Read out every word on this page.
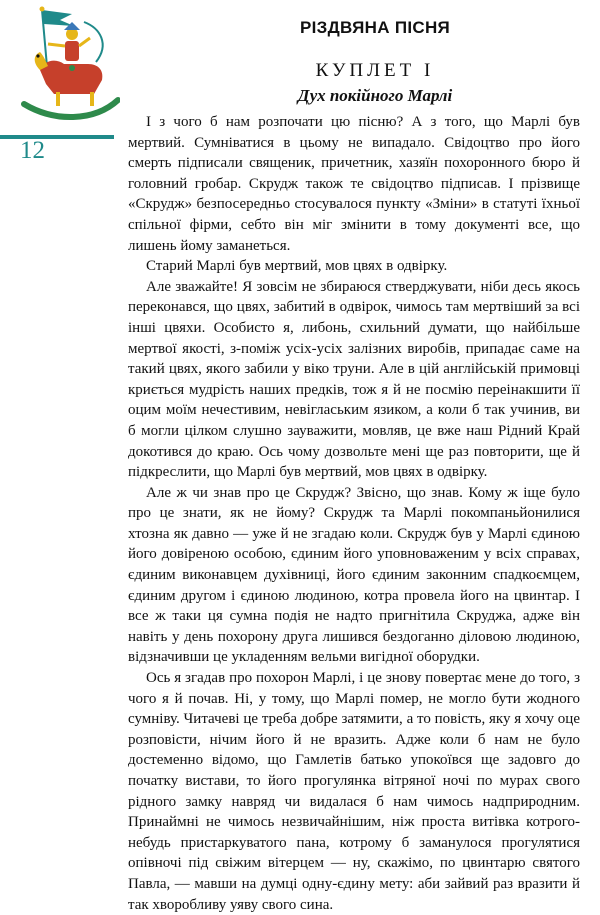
12
РІЗДВЯНА ПІСНЯ
КУПЛЕТ І
Дух покійного Марлі

І з чого б нам розпочати цю пісню? А з того, що Марлі був мертвий. Сумніватися в цьому не випадало. Свідоцтво про його смерть підписали священик, причетник, хазяїн похоронного бюро й головний гробар. Скрудж також те свідоцтво підписав. І прізвище «Скрудж» безпосередньо стосувалося пункту «Зміни» в статуті їхньої спільної фірми, себто він міг змінити в тому документі все, що лишень йому заманеться.

Старий Марлі був мертвий, мов цвях в одвірку.

Але зважайте! Я зовсім не збираюся стверджувати, ніби десь якось переконався, що цвях, забитий в одвірок, чимось там мертвіший за всі інші цвяхи. Особисто я, либонь, схильний думати, що найбільше мертвої якості, з-поміж усіх-усіх залізних виробів, припадає саме на такий цвях, якого забили у віко труни. Але в цій англійській примовці криється мудрість наших предків, тож я й не посмію переінакшити її оцим моїм нечестивим, невіглаським язиком, а коли б так учинив, ви б могли цілком слушно зауважити, мовляв, це вже наш Рідний Край докотився до краю. Ось чому дозвольте мені ще раз повторити, ще й підкреслити, що Марлі був мертвий, мов цвях в одвірку.

Але ж чи знав про це Скрудж? Звісно, що знав. Кому ж іще було про це знати, як не йому? Скрудж та Марлі покомпаньйонилися хтозна як давно — уже й не згадаю коли. Скрудж був у Марлі єдиною його довіреною особою, єдиним його уповноваженим у всіх справах, єдиним виконавцем духівниці, його єдиним законним спадкоємцем, єдиним другом і єдиною людиною, котра провела його на цвинтар. І все ж таки ця сумна подія не надто пригнітила Скруджа, адже він навіть у день похорону друга лишився бездоганно діловою людиною, відзначивши це укладенням вельми вигідної оборудки.

Ось я згадав про похорон Марлі, і це знову повертає мене до того, з чого я й почав. Ні, у тому, що Марлі помер, не могло бути жодного сумніву. Читачеві це треба добре затямити, а то повість, яку я хочу оце розповісти, нічим його й не вразить. Адже коли б нам не було достеменно відомо, що Гамлетів батько упокоївся ще задовго до початку вистави, то його прогулянка вітряної ночі по мурах свого рідного замку навряд чи видалася б нам чимось надприродним. Принаймні не чимось незвичайнішим, ніж проста витівка котрого-небудь пристаркуватого пана, котрому б заманулося прогулятися опівночі під свіжим вітерцем — ну, скажімо, по цвинтарю святого Павла, — мавши на думці одну-єдину мету: аби зайвий раз вразити й так хворобливу уяву свого сина.
